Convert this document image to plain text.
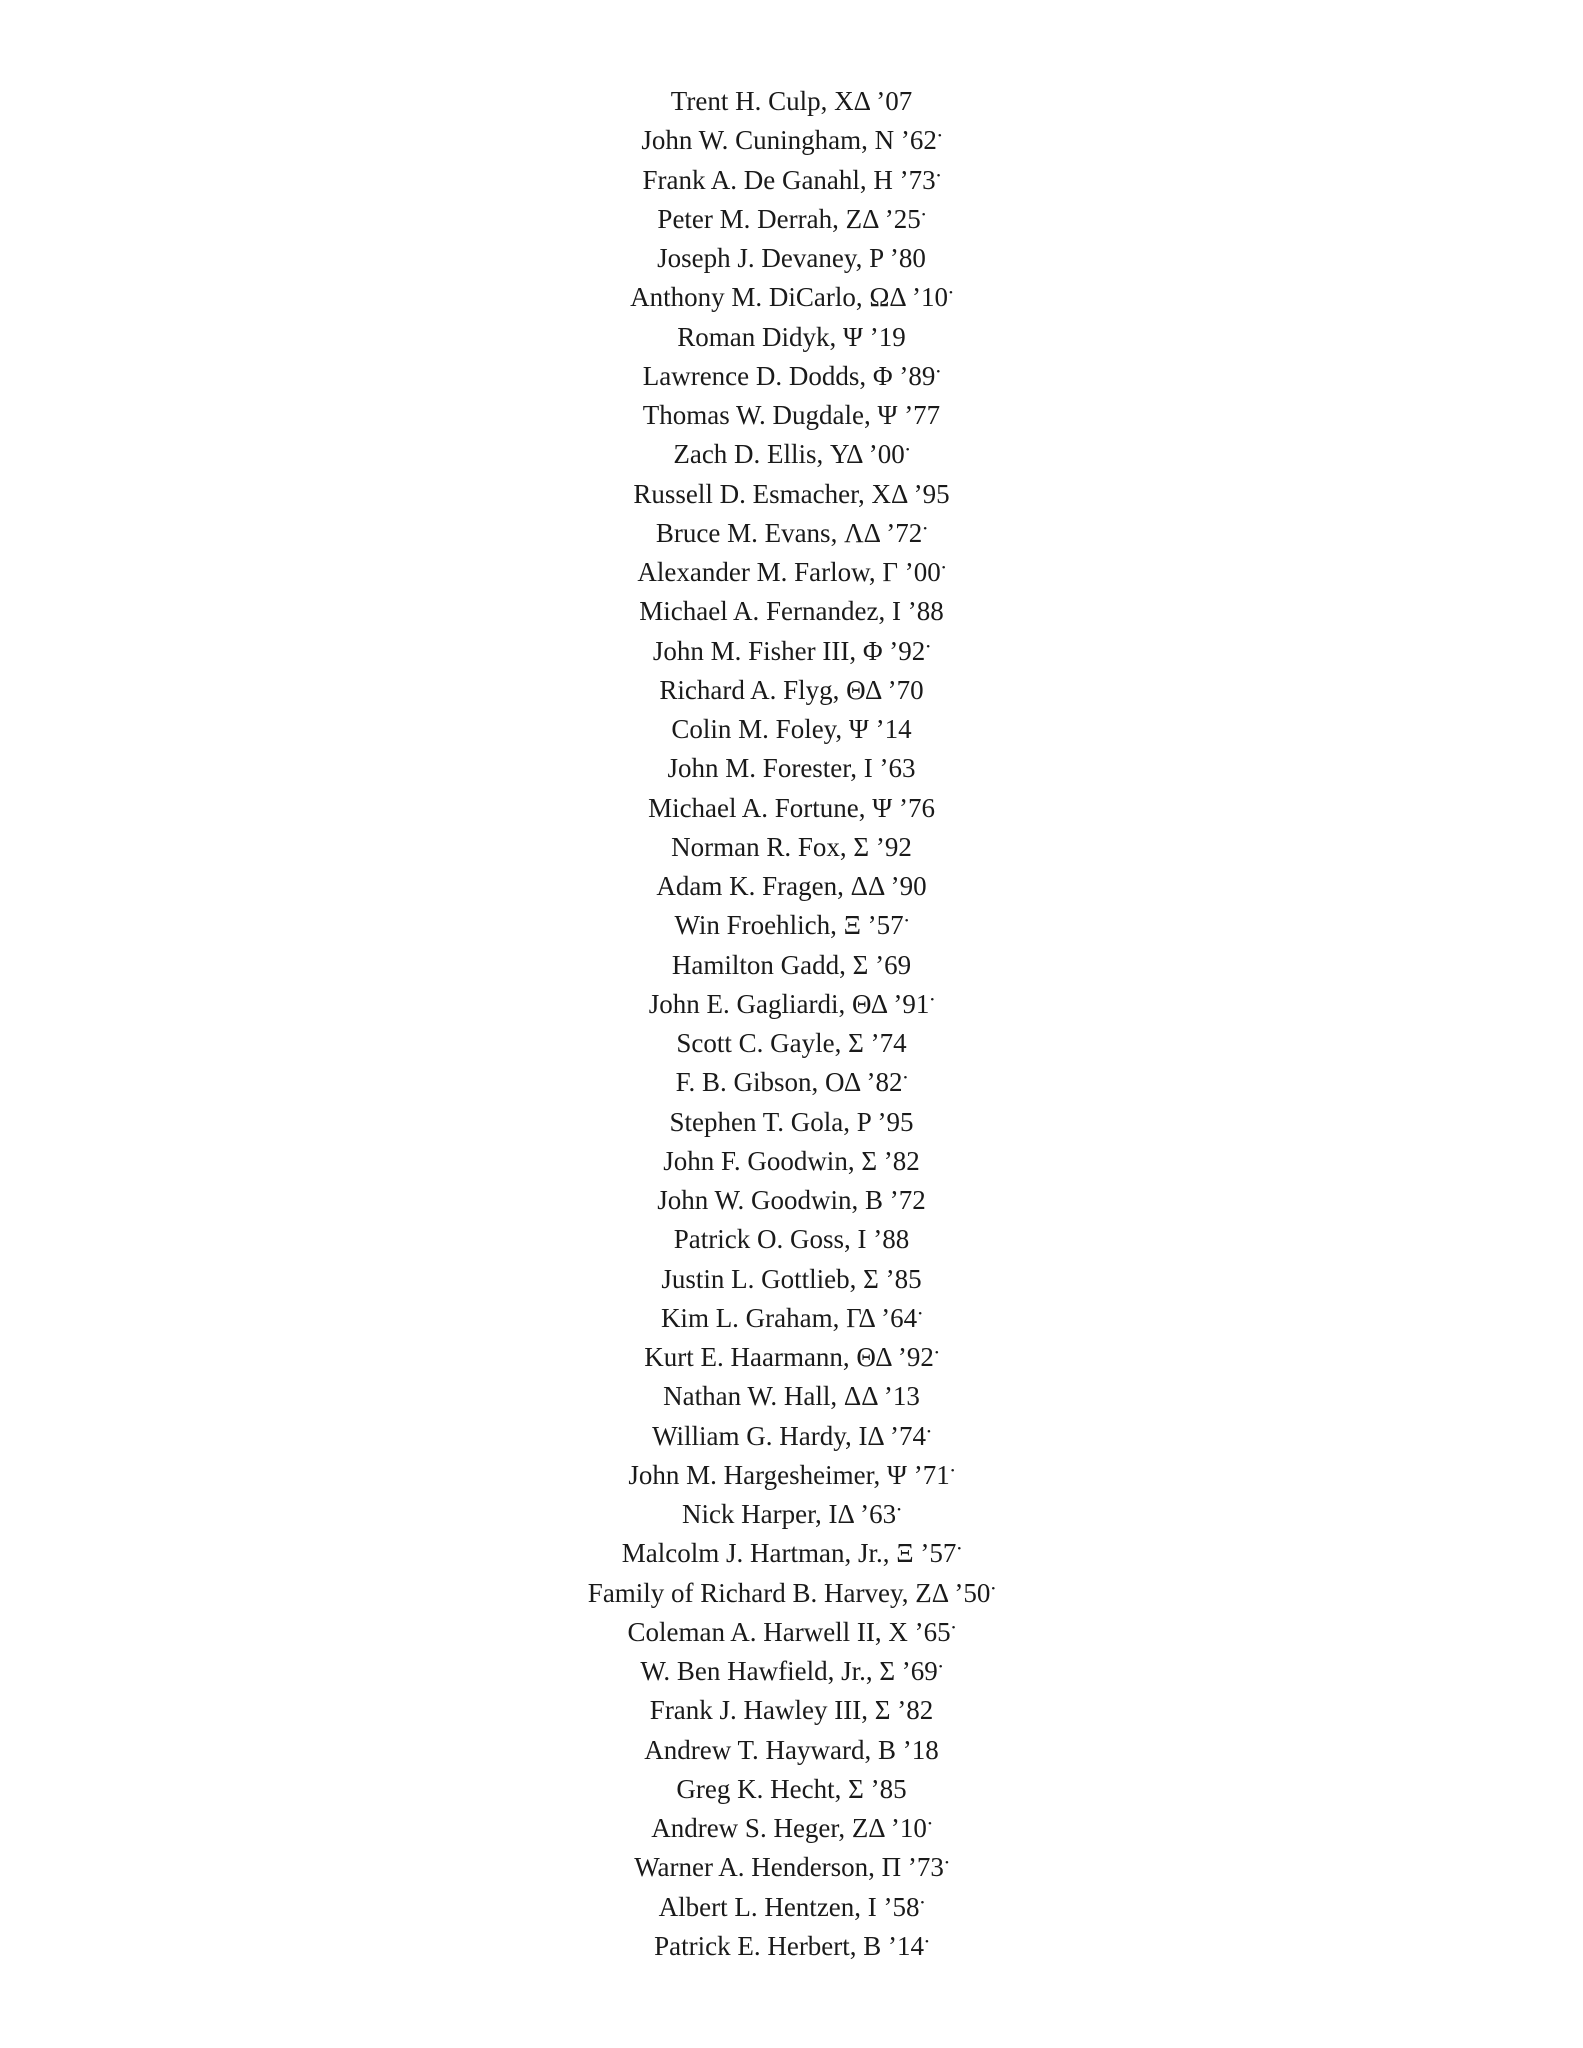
Trent H. Culp, ΧΔ ’07
John W. Cuningham, N ’62•
Frank A. De Ganahl, H ’73•
Peter M. Derrah, ΖΔ ’25•
Joseph J. Devaney, P ’80
Anthony M. DiCarlo, ΩΔ ’10•
Roman Didyk, Ψ ’19
Lawrence D. Dodds, Φ ’89•
Thomas W. Dugdale, Ψ ’77
Zach D. Ellis, ΥΔ ’00•
Russell D. Esmacher, ΧΔ ’95
Bruce M. Evans, ΛΔ ’72•
Alexander M. Farlow, Γ ’00•
Michael A. Fernandez, I ’88
John M. Fisher III, Φ ’92•
Richard A. Flyg, ΘΔ ’70
Colin M. Foley, Ψ ’14
John M. Forester, I ’63
Michael A. Fortune, Ψ ’76
Norman R. Fox, Σ ’92
Adam K. Fragen, ΔΔ ’90
Win Froehlich, Ξ ’57•
Hamilton Gadd, Σ ’69
John E. Gagliardi, ΘΔ ’91•
Scott C. Gayle, Σ ’74
F. B. Gibson, ΟΔ ’82•
Stephen T. Gola, P ’95
John F. Goodwin, Σ ’82
John W. Goodwin, B ’72
Patrick O. Goss, I ’88
Justin L. Gottlieb, Σ ’85
Kim L. Graham, ΓΔ ’64•
Kurt E. Haarmann, ΘΔ ’92•
Nathan W. Hall, ΔΔ ’13
William G. Hardy, IΔ ’74•
John M. Hargesheimer, Ψ ’71•
Nick Harper, IΔ ’63•
Malcolm J. Hartman, Jr., Ξ ’57•
Family of Richard B. Harvey, ΖΔ ’50•
Coleman A. Harwell II, X ’65•
W. Ben Hawfield, Jr., Σ ’69•
Frank J. Hawley III, Σ ’82
Andrew T. Hayward, B ’18
Greg K. Hecht, Σ ’85
Andrew S. Heger, ΖΔ ’10•
Warner A. Henderson, Π ’73•
Albert L. Hentzen, I ’58•
Patrick E. Herbert, B ’14•
